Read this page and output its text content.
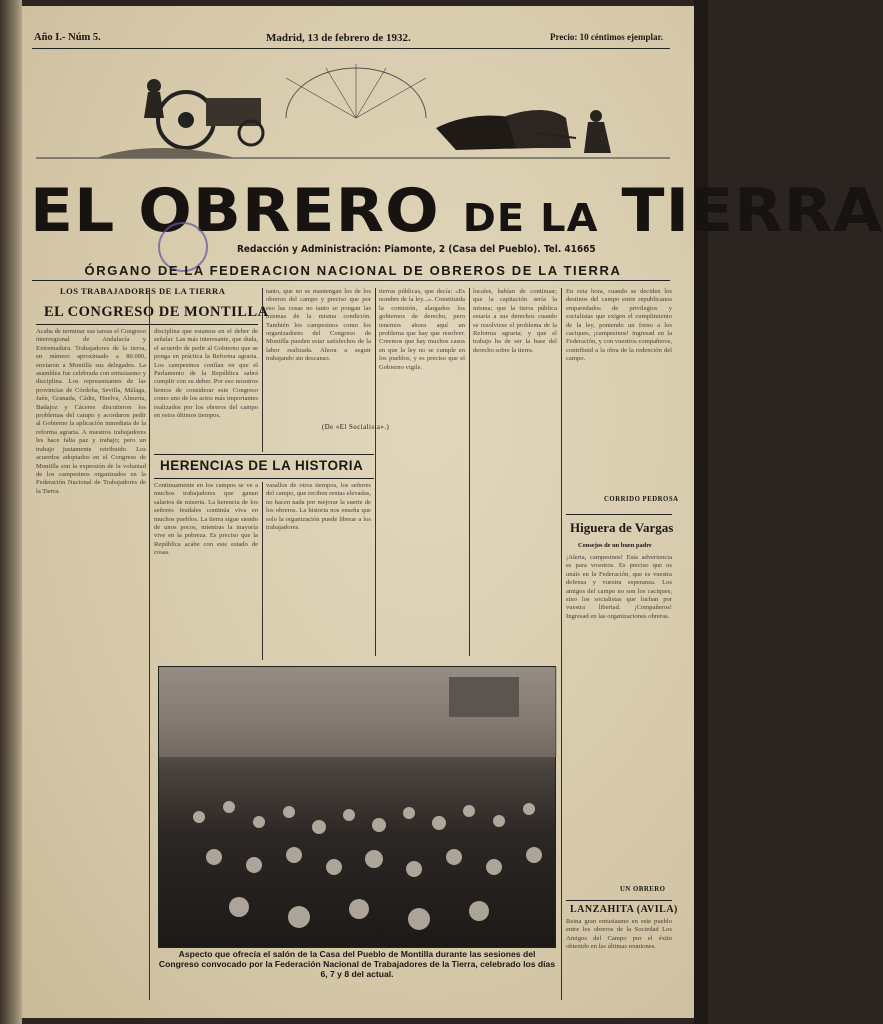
Año I.- Núm 5.	Madrid, 13 de febrero de 1932.	Precio: 10 céntimos ejemplar.
EL OBRERO DE LA TIERRA
Redacción y Administración: Piamonte, 2 (Casa del Pueblo). Tel. 41665
ÓRGANO DE LA FEDERACION NACIONAL DE OBREROS DE LA TIERRA
LOS TRABAJADORES DE LA TIERRA
EL CONGRESO DE MONTILLA
Acaba de terminar sus tareas el Congreso interregional de Andalucía y Extremadura. Trabajadores de la tierra, en número aproximado a 80.000, enviaron a Montilla sus delegados. La asamblea fue celebrada con entusiasmo y disciplina. Los representantes de las provincias de Córdoba, Sevilla, Málaga, Jaén, Granada, Cádiz, Huelva, Almería, Badajoz y Cáceres discutieron los problemas del campo y acordaron pedir al Gobierno la aplicación inmediata de la reforma agraria. A nuestros trabajadores les hace falta paz y trabajo; pero un trabajo justamente retribuido. Los acuerdos adoptados en el Congreso de Montilla son la expresión de la voluntad de los campesinos organizados en la Federación Nacional de Trabajadores de la Tierra.
disciplina que estamos en el deber de señalar. Las más interesante, que duda, el acuerdo de pedir al Gobierno que se ponga en práctica la Reforma agraria. Los campesinos confían en que el Parlamento de la República sabrá cumplir con su deber. Por eso nosotros hemos de considerar este Congreso como uno de los actos más importantes realizados por los obreros del campo en estos últimos tiempos.
tanto, que no se mantengan los de los obreros del campo y preciso que por eso las cosas no tanto se pongan las mismas de la misma condición. También los campesinos como los organizadores del Congreso de Montilla pueden estar satisfechos de la labor realizada. Ahora a seguir trabajando sin descanso.
tierras públicas, que decía: «Es nombre de la ley...». Constituida la comisión, alargados los gobiernos de derecho, pero tenemos ahora aquí un problema que hay que resolver. Creemos que hay muchos casos en que la ley no se cumple en los pueblos, y es preciso que el Gobierno vigile.
locales, habían de continuar; que la capitación sería la misma; que la tierra pública estaría a sus derechos cuando se resolviese el problema de la Reforma agraria; y que el trabajo ha de ser la base del derecho sobre la tierra.
En esta hora, cuando se deciden los destinos del campo entre republicanos emparedados de privilegios y socialistas que exigen el cumplimiento de la ley, poniendo un freno a los caciques, ¡campesinos! ingresad en la Federación, y con vuestros compañeros, contribuid a la obra de la redención del campo.
CORRIDO PEDROSA
HERENCIAS DE LA HISTORIA
Continuamente en los campos se ve a muchos trabajadores que ganan salarios de miseria. La herencia de los señores feudales continúa viva en muchos pueblos. La tierra sigue siendo de unos pocos, mientras la mayoría vive en la pobreza. Es preciso que la República acabe con este estado de cosas.
vasallos de otros tiempos, los señores del campo, que reciben rentas elevadas, no hacen nada por mejorar la suerte de los obreros. La historia nos enseña que solo la organización puede liberar a los trabajadores.
(De «El Socialista».)
Aspecto que ofrecía el salón de la Casa del Pueblo de Montilla durante las sesiones del Congreso convocado por la Federación Nacional de Trabajadores de la Tierra, celebrado los días 6, 7 y 8 del actual.
Higuera de Vargas
Consejos de un buen padre
¡Alerta, campesinos! Esta advertencia es para vosotros. Es preciso que os unáis en la Federación, que es vuestra defensa y vuestra esperanza. Los amigos del campo no son los caciques, sino los socialistas que luchan por vuestra libertad. ¡Compañeros! Ingresad en las organizaciones obreras.
UN OBRERO
LANZAHITA (AVILA)
Reina gran entusiasmo en este pueblo entre los obreros de la Sociedad Los Amigos del Campo por el éxito obtenido en las últimas reuniones.
